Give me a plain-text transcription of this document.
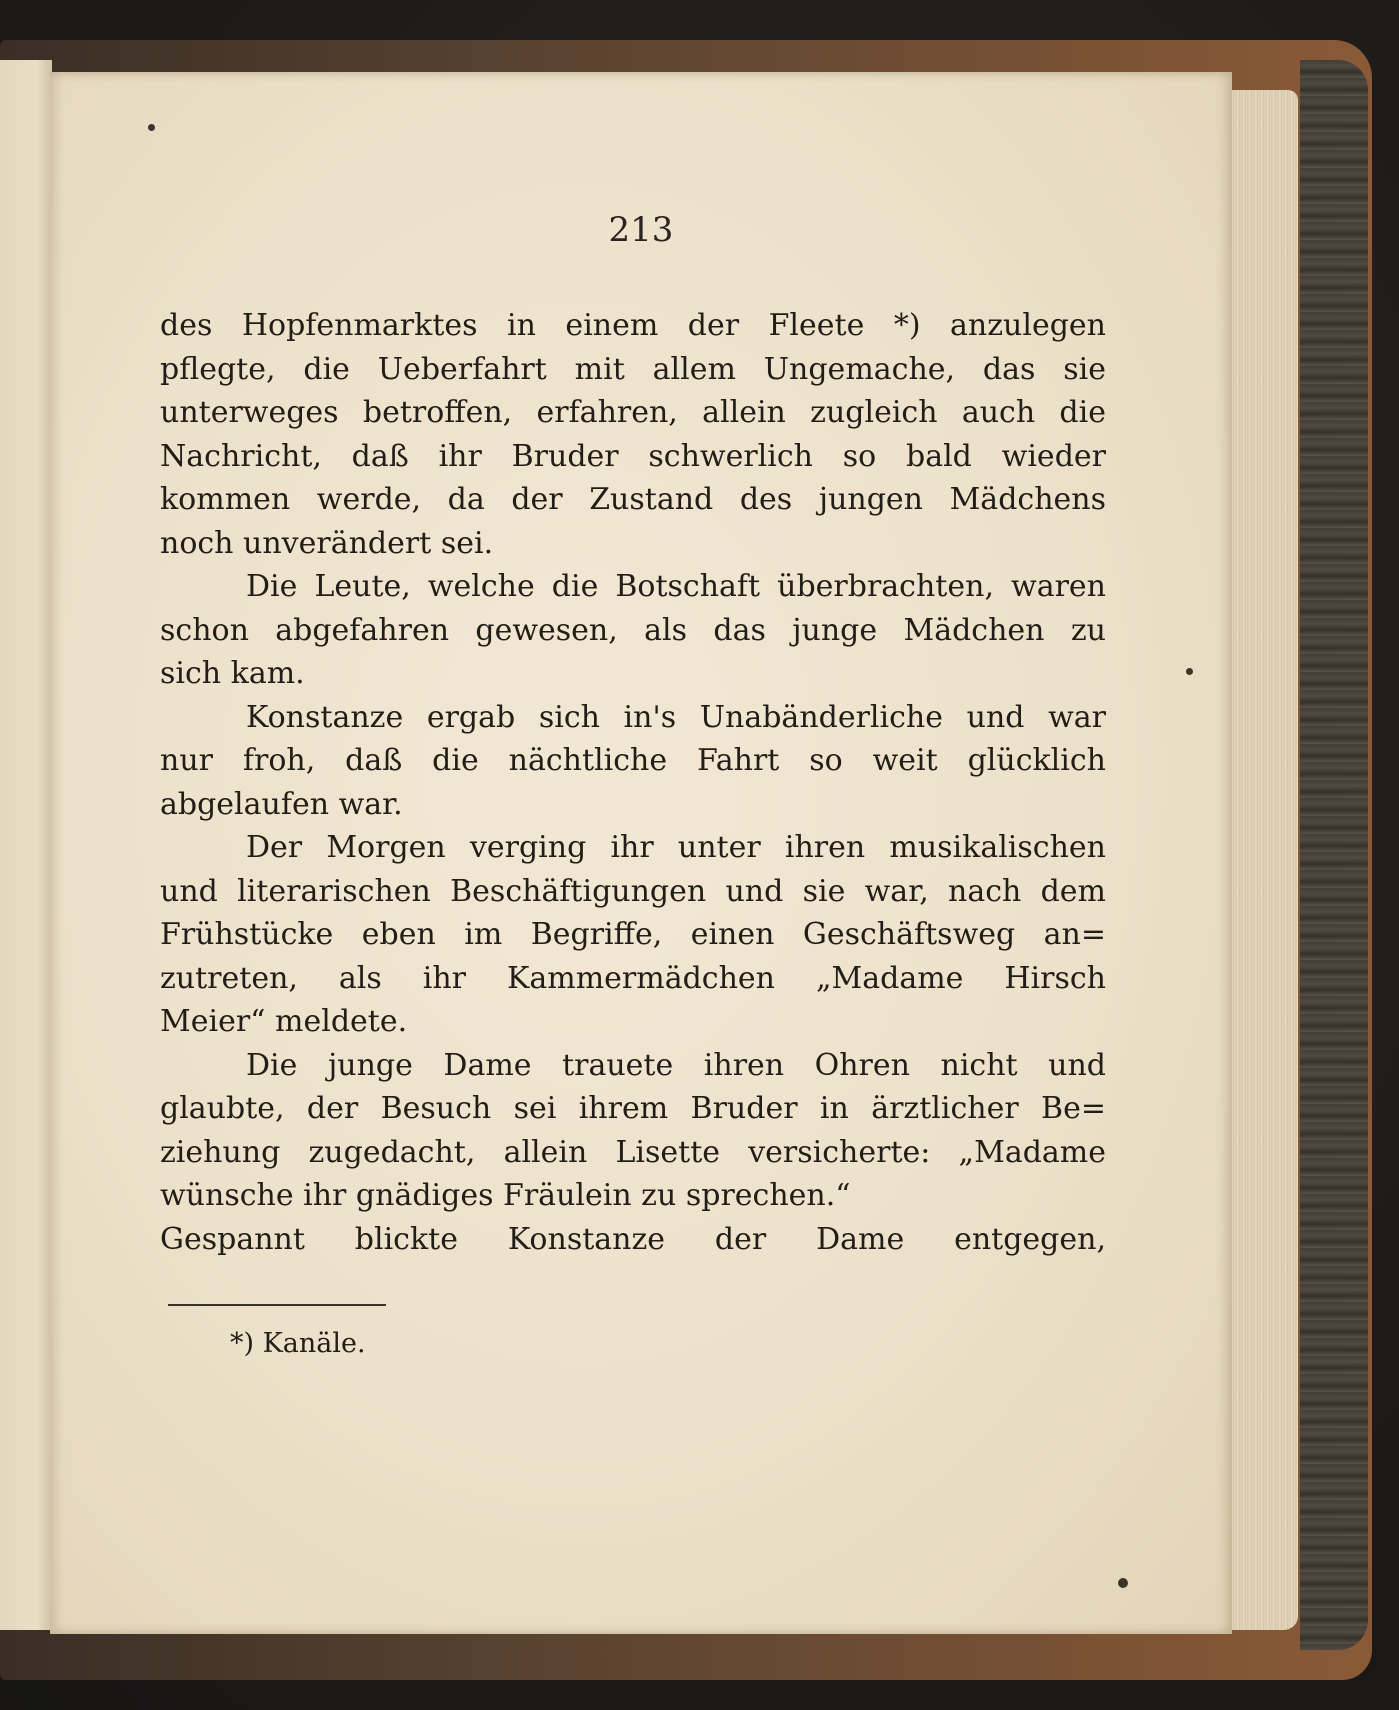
213
des Hopfenmarktes in einem der Fleete *) anzulegen
pflegte, die Ueberfahrt mit allem Ungemache, das sie
unterweges betroffen, erfahren, allein zugleich auch die
Nachricht, daß ihr Bruder schwerlich so bald wieder
kommen werde, da der Zustand des jungen Mädchens
noch unverändert sei.
Die Leute, welche die Botschaft überbrachten, waren
schon abgefahren gewesen, als das junge Mädchen zu
sich kam.
Konstanze ergab sich in's Unabänderliche und war
nur froh, daß die nächtliche Fahrt so weit glücklich
abgelaufen war.
Der Morgen verging ihr unter ihren musikalischen
und literarischen Beschäftigungen und sie war, nach dem
Frühstücke eben im Begriffe, einen Geschäftsweg an=
zutreten, als ihr Kammermädchen „Madame Hirsch
Meier“ meldete.
Die junge Dame trauete ihren Ohren nicht und
glaubte, der Besuch sei ihrem Bruder in ärztlicher Be=
ziehung zugedacht, allein Lisette versicherte: „Madame
wünsche ihr gnädiges Fräulein zu sprechen.“
Gespannt blickte Konstanze der Dame entgegen,
*) Kanäle.
